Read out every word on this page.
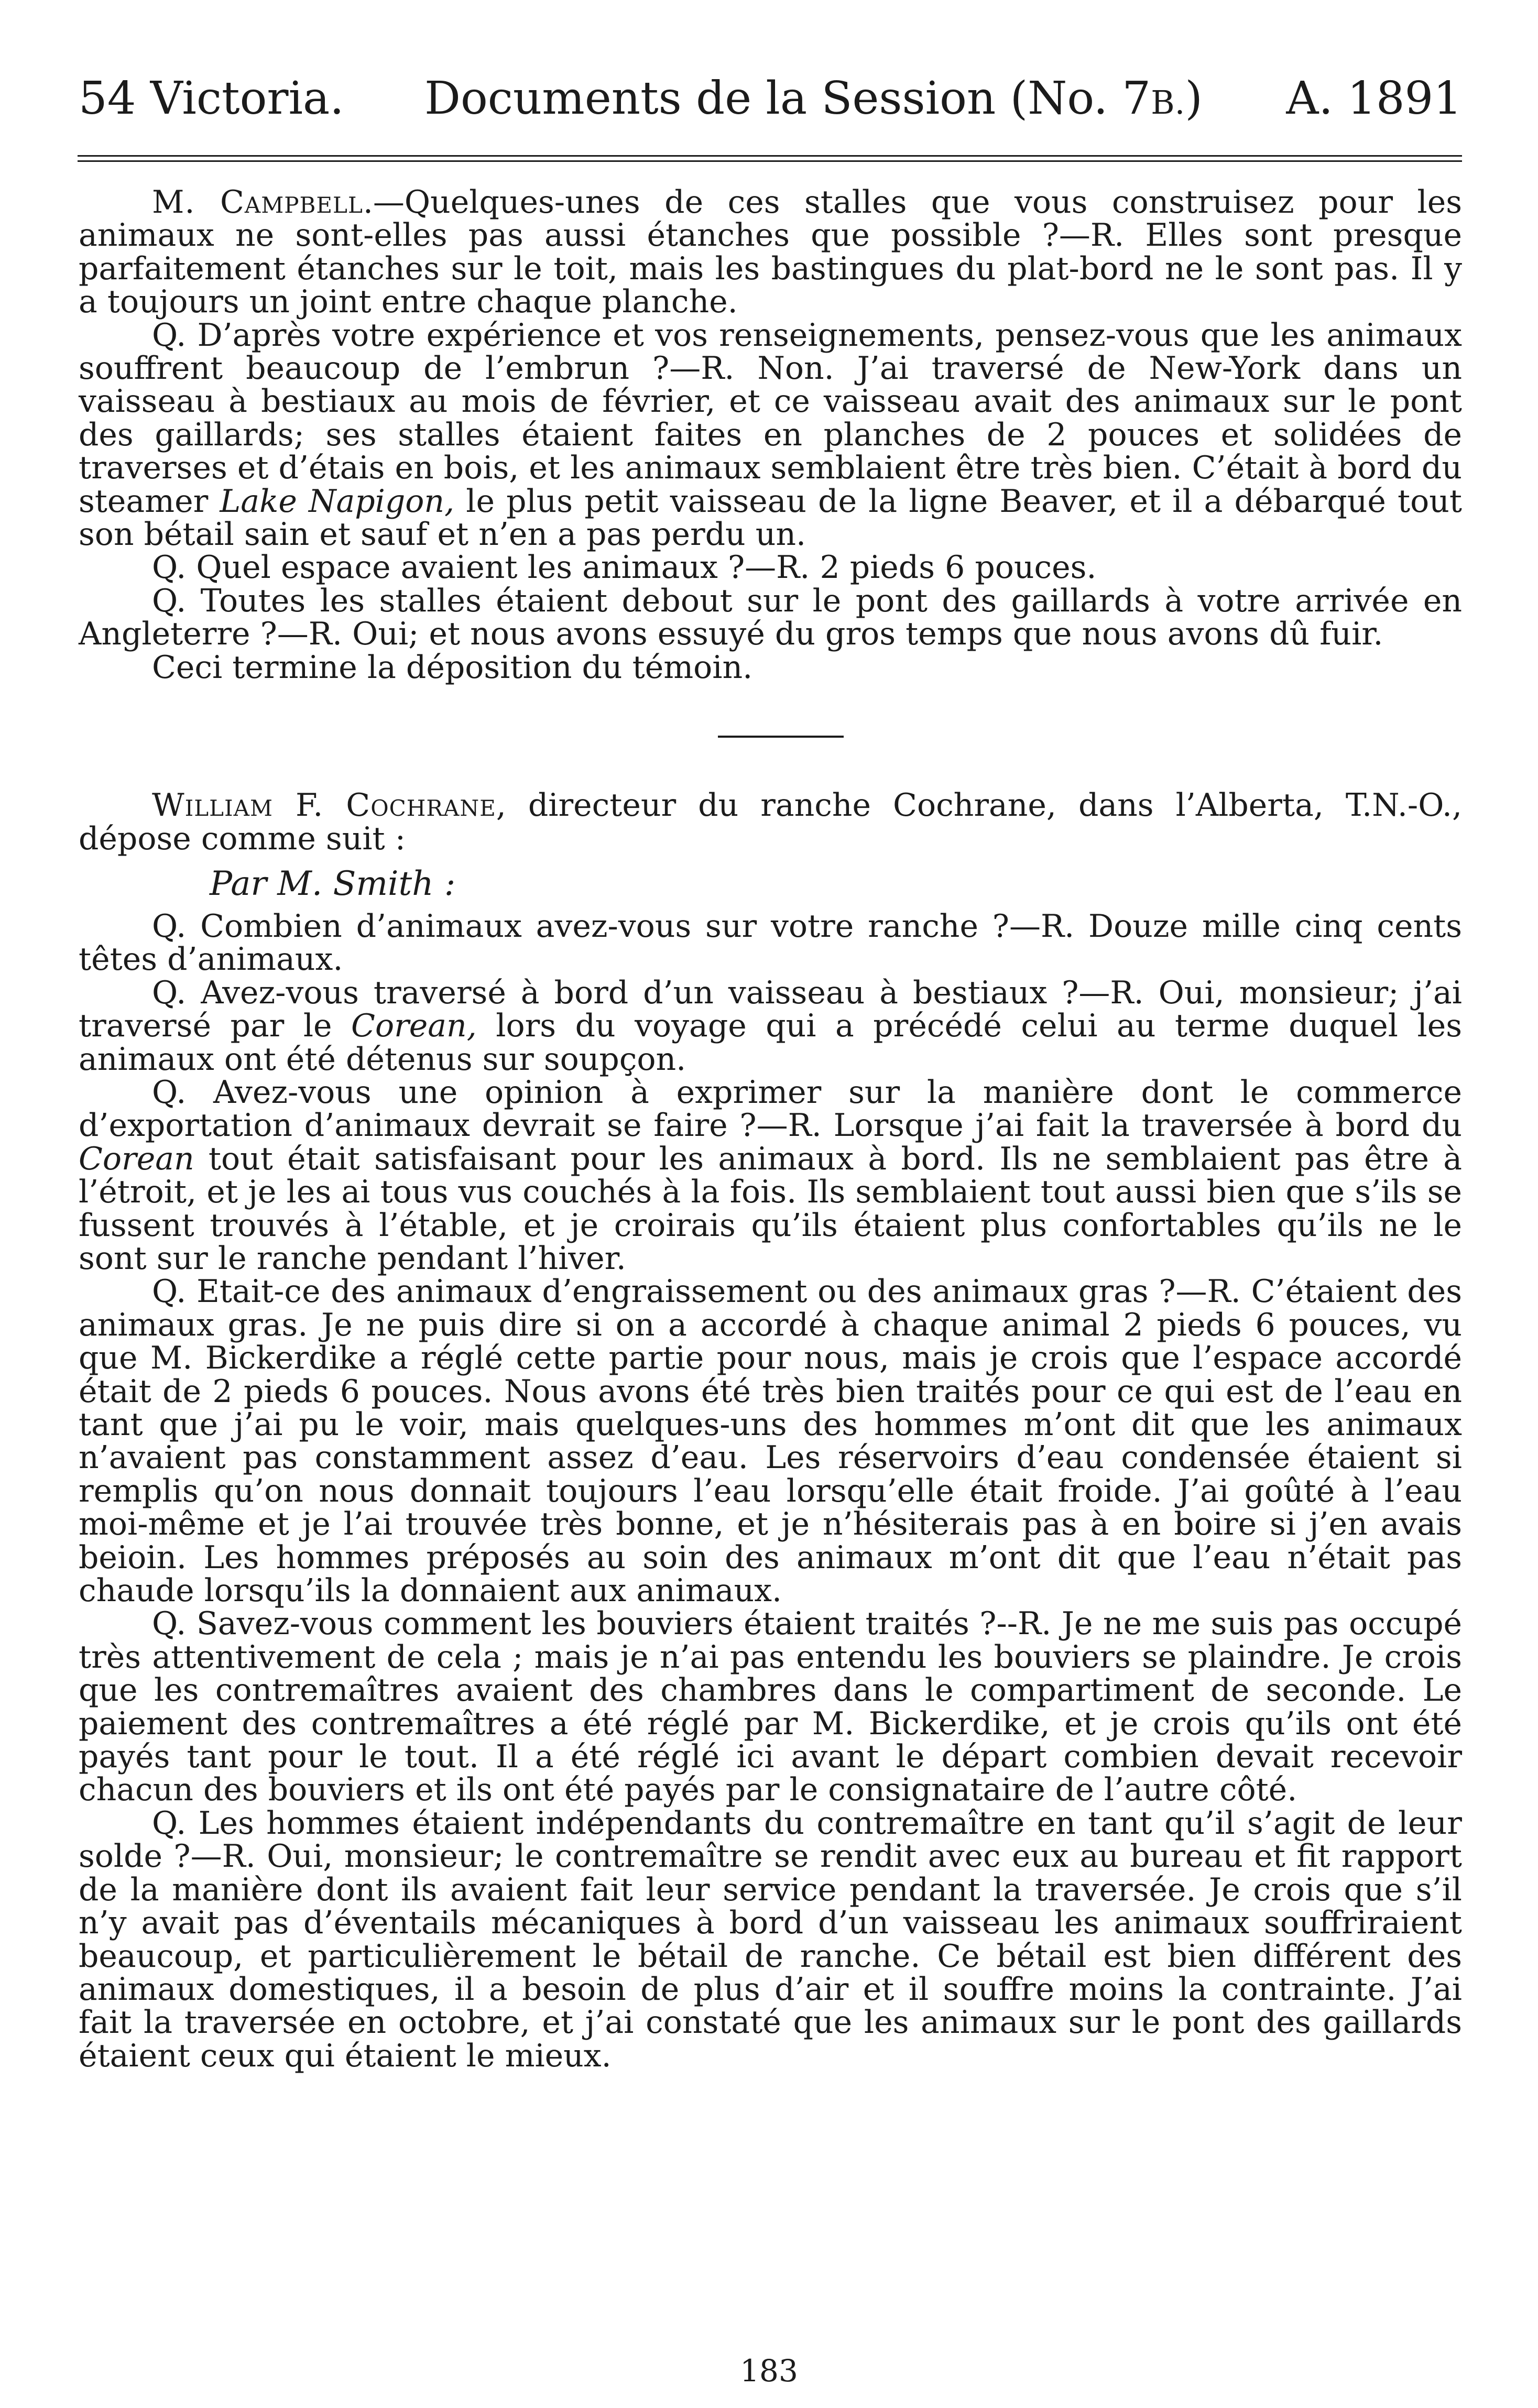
54 Victoria. Documents de la Session (No. 7B.) A. 1891

M. Campbell.—Quelques-unes de ces stalles que vous construisez pour les animaux ne sont-elles pas aussi étanches que possible ?—R. Elles sont presque parfaitement étanches sur le toit, mais les bastingues du plat-bord ne le sont pas. Il y a toujours un joint entre chaque planche.

Q. D’après votre expérience et vos renseignements, pensez-vous que les animaux souffrent beaucoup de l’embrun ?—R. Non. J’ai traversé de New-York dans un vaisseau à bestiaux au mois de février, et ce vaisseau avait des animaux sur le pont des gaillards; ses stalles étaient faites en planches de 2 pouces et solidées de traverses et d’étais en bois, et les animaux semblaient être très bien. C’était à bord du steamer Lake Napigon, le plus petit vaisseau de la ligne Beaver, et il a débarqué tout son bétail sain et sauf et n’en a pas perdu un.

Q. Quel espace avaient les animaux ?—R. 2 pieds 6 pouces.

Q. Toutes les stalles étaient debout sur le pont des gaillards à votre arrivée en Angleterre ?—R. Oui; et nous avons essuyé du gros temps que nous avons dû fuir.

Ceci termine la déposition du témoin.

William F. Cochrane, directeur du ranche Cochrane, dans l’Alberta, T.N.-O., dépose comme suit :

Par M. Smith :

Q. Combien d’animaux avez-vous sur votre ranche ?—R. Douze mille cinq cents têtes d’animaux.

Q. Avez-vous traversé à bord d’un vaisseau à bestiaux ?—R. Oui, monsieur; j’ai traversé par le Corean, lors du voyage qui a précédé celui au terme duquel les animaux ont été détenus sur soupçon.

Q. Avez-vous une opinion à exprimer sur la manière dont le commerce d’exportation d’animaux devrait se faire ?—R. Lorsque j’ai fait la traversée à bord du Corean tout était satisfaisant pour les animaux à bord. Ils ne semblaient pas être à l’étroit, et je les ai tous vus couchés à la fois. Ils semblaient tout aussi bien que s’ils se fussent trouvés à l’étable, et je croirais qu’ils étaient plus confortables qu’ils ne le sont sur le ranche pendant l’hiver.

Q. Etait-ce des animaux d’engraissement ou des animaux gras ?—R. C’étaient des animaux gras. Je ne puis dire si on a accordé à chaque animal 2 pieds 6 pouces, vu que M. Bickerdike a réglé cette partie pour nous, mais je crois que l’espace accordé était de 2 pieds 6 pouces. Nous avons été très bien traités pour ce qui est de l’eau en tant que j’ai pu le voir, mais quelques-uns des hommes m’ont dit que les animaux n’avaient pas constamment assez d’eau. Les réservoirs d’eau condensée étaient si remplis qu’on nous donnait toujours l’eau lorsqu’elle était froide. J’ai goûté à l’eau moi-même et je l’ai trouvée très bonne, et je n’hésiterais pas à en boire si j’en avais beioin. Les hommes préposés au soin des animaux m’ont dit que l’eau n’était pas chaude lorsqu’ils la donnaient aux animaux.

Q. Savez-vous comment les bouviers étaient traités ?--R. Je ne me suis pas occupé très attentivement de cela ; mais je n’ai pas entendu les bouviers se plaindre. Je crois que les contremaîtres avaient des chambres dans le compartiment de seconde. Le paiement des contremaîtres a été réglé par M. Bickerdike, et je crois qu’ils ont été payés tant pour le tout. Il a été réglé ici avant le départ combien devait recevoir chacun des bouviers et ils ont été payés par le consignataire de l’autre côté.

Q. Les hommes étaient indépendants du contremaître en tant qu’il s’agit de leur solde ?—R. Oui, monsieur; le contremaître se rendit avec eux au bureau et fit rapport de la manière dont ils avaient fait leur service pendant la traversée. Je crois que s’il n’y avait pas d’éventails mécaniques à bord d’un vaisseau les animaux souffriraient beaucoup, et particulièrement le bétail de ranche. Ce bétail est bien différent des animaux domestiques, il a besoin de plus d’air et il souffre moins la contrainte. J’ai fait la traversée en octobre, et j’ai constaté que les animaux sur le pont des gaillards étaient ceux qui étaient le mieux.

183
